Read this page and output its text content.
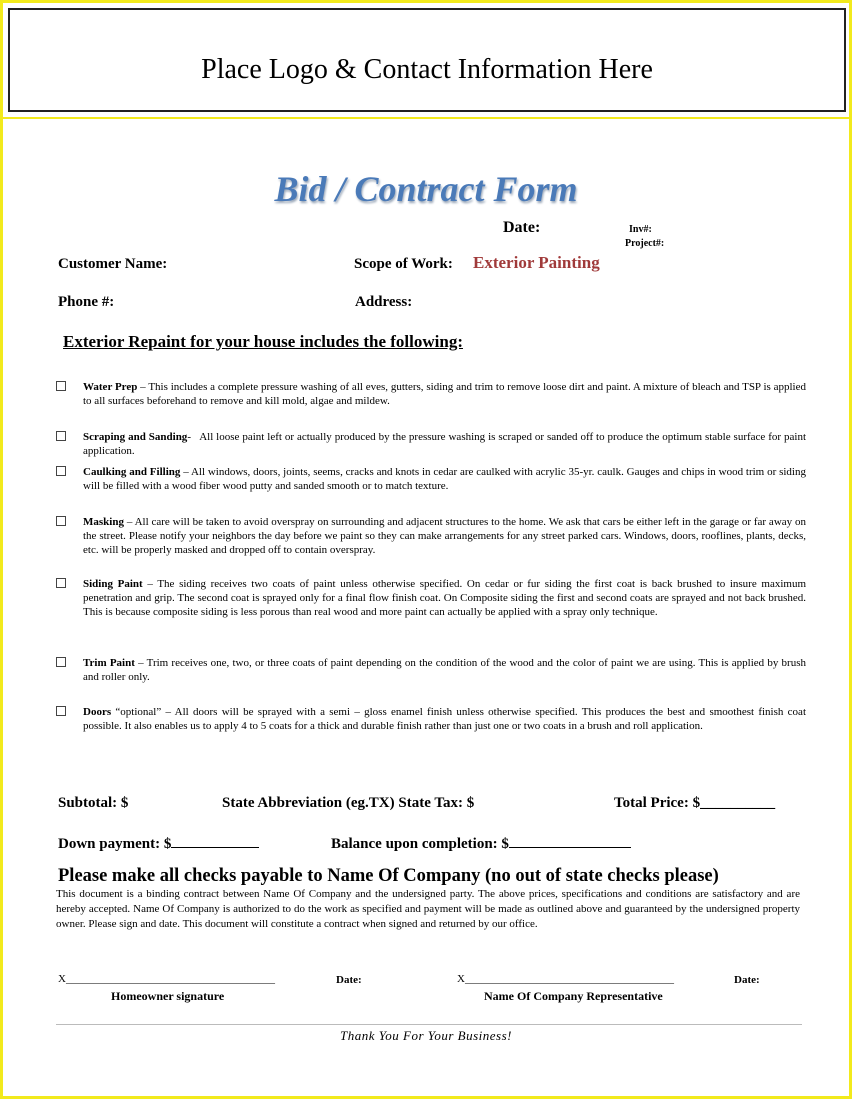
Place Logo & Contact Information Here
Bid / Contract Form
Date:	Inv#:
Project#:
Customer Name:	Scope of Work: Exterior Painting
Phone #:	Address:
Exterior Repaint for your house includes the following:
Water Prep – This includes a complete pressure washing of all eves, gutters, siding and trim to remove loose dirt and paint. A mixture of bleach and TSP is applied to all surfaces beforehand to remove and kill mold, algae and mildew.
Scraping and Sanding-   All loose paint left or actually produced by the pressure washing is scraped or sanded off to produce the optimum stable surface for paint application.
Caulking and Filling – All windows, doors, joints, seems, cracks and knots in cedar are caulked with acrylic 35-yr. caulk. Gauges and chips in wood trim or siding will be filled with a wood fiber wood putty and sanded smooth or to match texture.
Masking – All care will be taken to avoid overspray on surrounding and adjacent structures to the home. We ask that cars be either left in the garage or far away on the street. Please notify your neighbors the day before we paint so they can make arrangements for any street parked cars. Windows, doors, rooflines, plants, decks, etc. will be properly masked and dropped off to contain overspray.
Siding Paint – The siding receives two coats of paint unless otherwise specified. On cedar or fur siding the first coat is back brushed to insure maximum penetration and grip. The second coat is sprayed only for a final flow finish coat. On Composite siding the first and second coats are sprayed and not back brushed. This is because composite siding is less porous than real wood and more paint can actually be applied with a spray only technique.
Trim Paint – Trim receives one, two, or three coats of paint depending on the condition of the wood and the color of paint we are using. This is applied by brush and roller only.
Doors “optional” – All doors will be sprayed with a semi – gloss enamel finish unless otherwise specified. This produces the best and smoothest finish coat possible. It also enables us to apply 4 to 5 coats for a thick and durable finish rather than just one or two coats in a brush and roll application.
Subtotal: $	State Abbreviation (eg.TX) State Tax: $	Total Price: $__________
Down payment: $	Balance upon completion: $
Please make all checks payable to Name Of Company (no out of state checks please)
This document is a binding contract between Name Of Company and the undersigned party. The above prices, specifications and conditions are satisfactory and are hereby accepted. Name Of Company is authorized to do the work as specified and payment will be made as outlined above and guaranteed by the undersigned property owner. Please sign and date. This document will constitute a contract when signed and returned by our office.
X______________________________________	Date:
Homeowner signature
X______________________________________	Date:
Name Of Company Representative
Thank You For Your Business!
